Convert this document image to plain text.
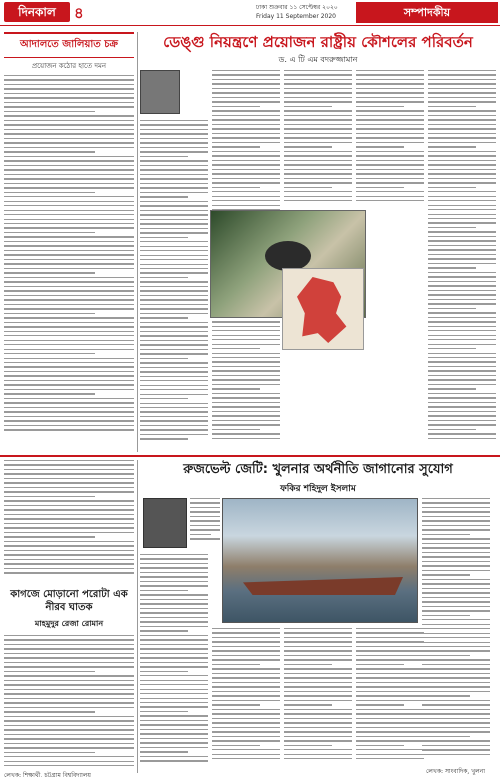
দিনকাল	৪	ঢাকা শুক্রবার ১১ সেপ্টেম্বর ২০২০
Friday 11 September 2020	সম্পাদকীয়
আদালতে জালিয়াত চক্র
প্রয়োজন কঠোর হাতে দমন
ডেঙ্গু নিয়ন্ত্রণে প্রয়োজন রাষ্ট্রীয় কৌশলের পরিবর্তন
ড. এ টি এম বদরুজ্জামান
কাগজে মোড়ানো পরোটা এক নীরব ঘাতক
মাহমুদুর রেজা রোমান
লেখক: শিক্ষার্থী, চট্টগ্রাম বিশ্ববিদ্যালয়
রুজভেল্ট জেটি: খুলনার অর্থনীতি জাগানোর সুযোগ
ফকির শহিদুল ইসলাম
লেখক: সাংবাদিক, খুলনা
